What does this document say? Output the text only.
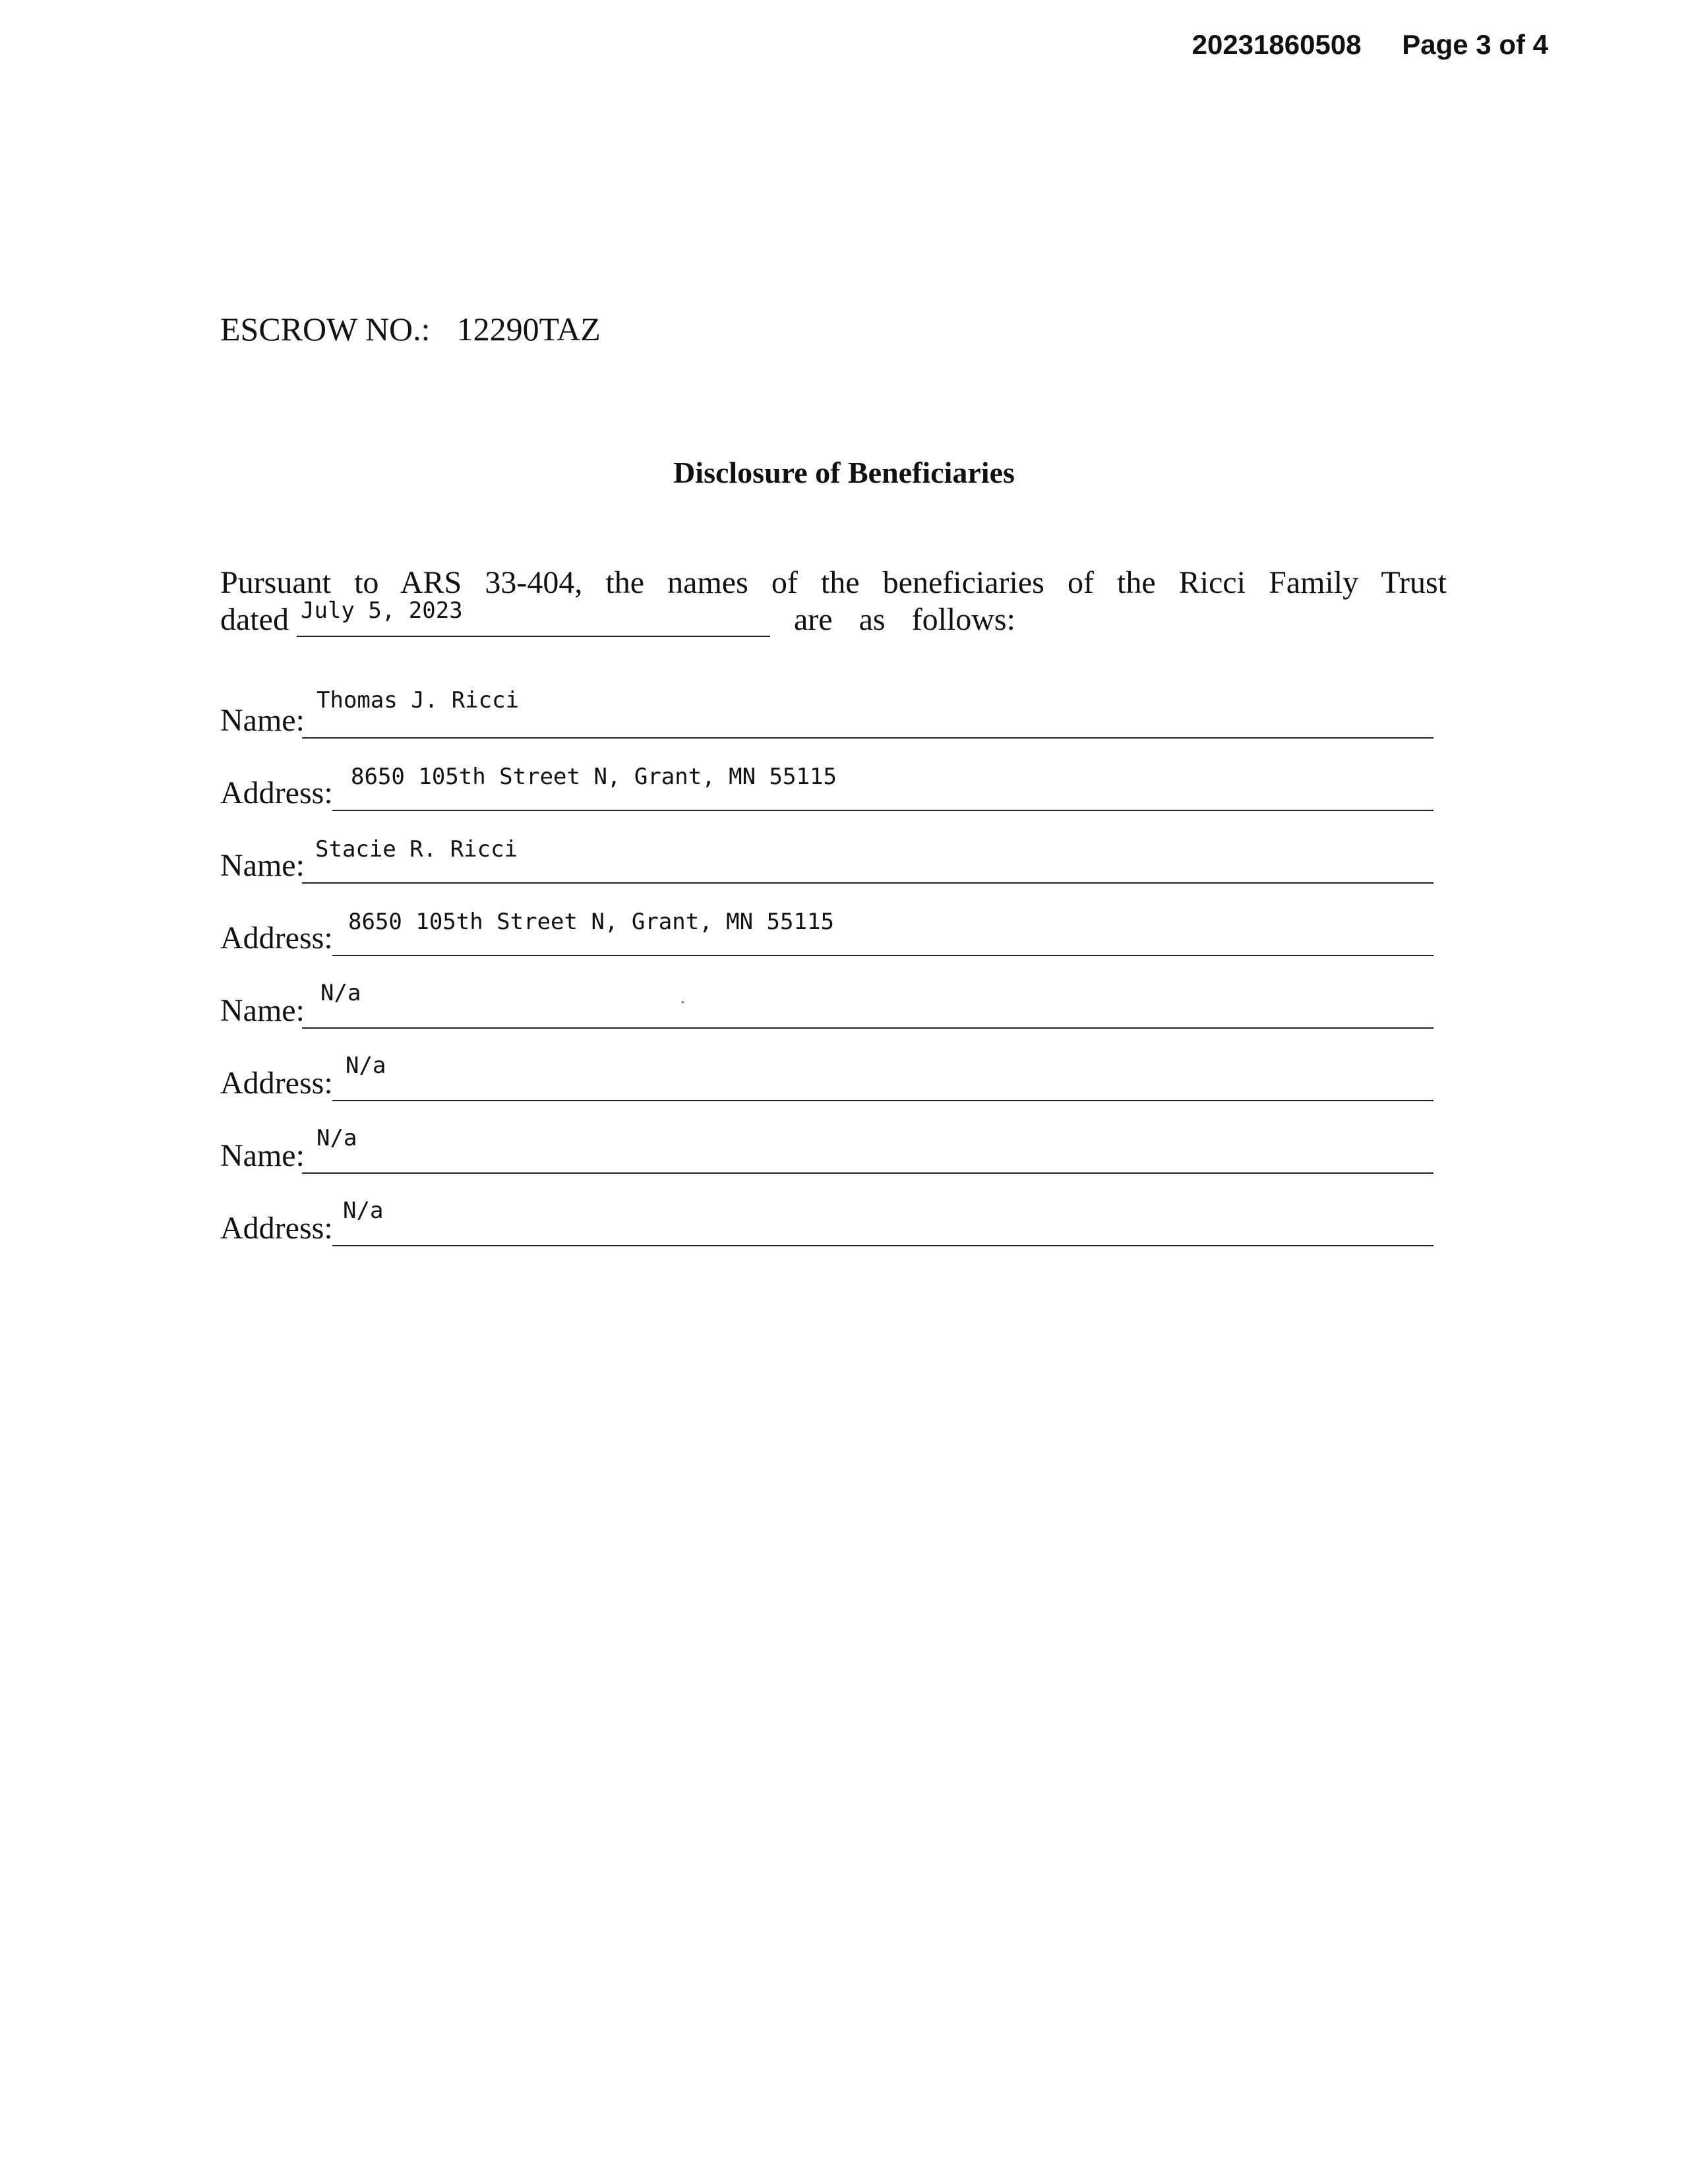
20231860508 Page 3 of 4
ESCROW NO.: 12290TAZ
Disclosure of Beneficiaries
Pursuant to ARS 33-404, the names of the beneficiaries of the Ricci Family Trust
dated July 5, 2023	are as follows:
Name:
Thomas J. Ricci
Address: 8650 105th Street N, Grant, MN 55115
Name: Stacie R. Ricci
Address: 8650 105th Street N, Grant, MN 55115
Name: N/a
Address: N/a
Name: N/a
Address: N/a
ˆ
